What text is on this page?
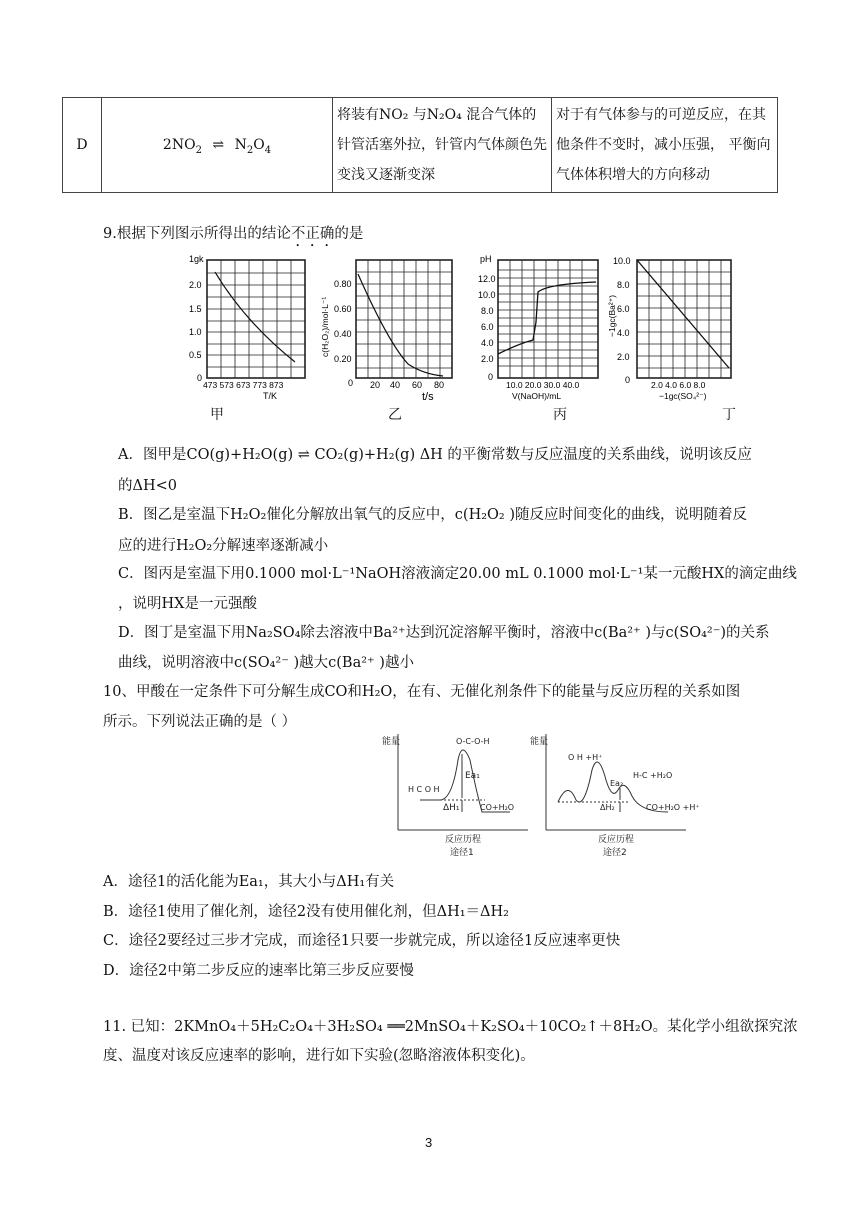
D	$2NO_2$ ⇌ $N_2O_4$	
将装有NO₂ 与N₂O₄ 混合气体的
针管活塞外拉，针管内气体颜色先
变浅又逐渐变深

对于有气体参与的可逆反应，在其
他条件不变时，减小压强， 平衡向
气体体积增大的方向移动
9.根据下列图示所得出的结论不正确的是
1gk
2.0
1.5
1.0
0.5
0
473 573 673 773 873
T/K
c(H₂O₂)/mol·L⁻¹
0.80
0.60
0.40
0.20
0 20 40 60 80
t/s
pH
12.0
10.0
8.0
6.0
4.0
2.0
0
10.0 20.0 30.0 40.0
V(NaOH)/mL
−1gc(Ba²⁺)
10.0
8.0
6.0
4.0
2.0
0 2.0 4.0 6.0 8.0
−1gc(SO₄²⁻)
甲	乙	丙	丁
A．图甲是CO(g)+H₂O(g) ⇌ CO₂(g)+H₂(g) ΔH 的平衡常数与反应温度的关系曲线，说明该反应
的ΔH<0
B．图乙是室温下H₂O₂催化分解放出氧气的反应中，c(H₂O₂ )随反应时间变化的曲线，说明随着反
应的进行H₂O₂分解速率逐渐减小
C．图丙是室温下用0.1000 mol·L⁻¹NaOH溶液滴定20.00 mL 0.1000 mol·L⁻¹某一元酸HX的滴定曲线
，说明HX是一元强酸
D．图丁是室温下用Na₂SO₄除去溶液中Ba²⁺达到沉淀溶解平衡时，溶液中c(Ba²⁺ )与c(SO₄²⁻)的关系
曲线，说明溶液中c(SO₄²⁻ )越大c(Ba²⁺ )越小
10、甲酸在一定条件下可分解生成CO和H₂O，在有、无催化剂条件下的能量与反应历程的关系如图
所示。下列说法正确的是（ ）
能量
Ea₁
ΔH₁	CO+H₂O
反应历程
途径1
H C O H
O-C-O-H	能量
Ea₂
ΔH₂	CO+H₂O +H⁺
反应历程
途径2
O H +H⁺
H-C +H₂O
A．途径1的活化能为Ea₁，其大小与ΔH₁有关
B．途径1使用了催化剂，途径2没有使用催化剂，但ΔH₁＝ΔH₂
C．途径2要经过三步才完成，而途径1只要一步就完成，所以途径1反应速率更快
D．途径2中第二步反应的速率比第三步反应要慢
11. 已知：2KMnO₄＋5H₂C₂O₄＋3H₂SO₄ ══2MnSO₄＋K₂SO₄＋10CO₂↑＋8H₂O。某化学小组欲探究浓
度、温度对该反应速率的影响，进行如下实验(忽略溶液体积变化)。
3
